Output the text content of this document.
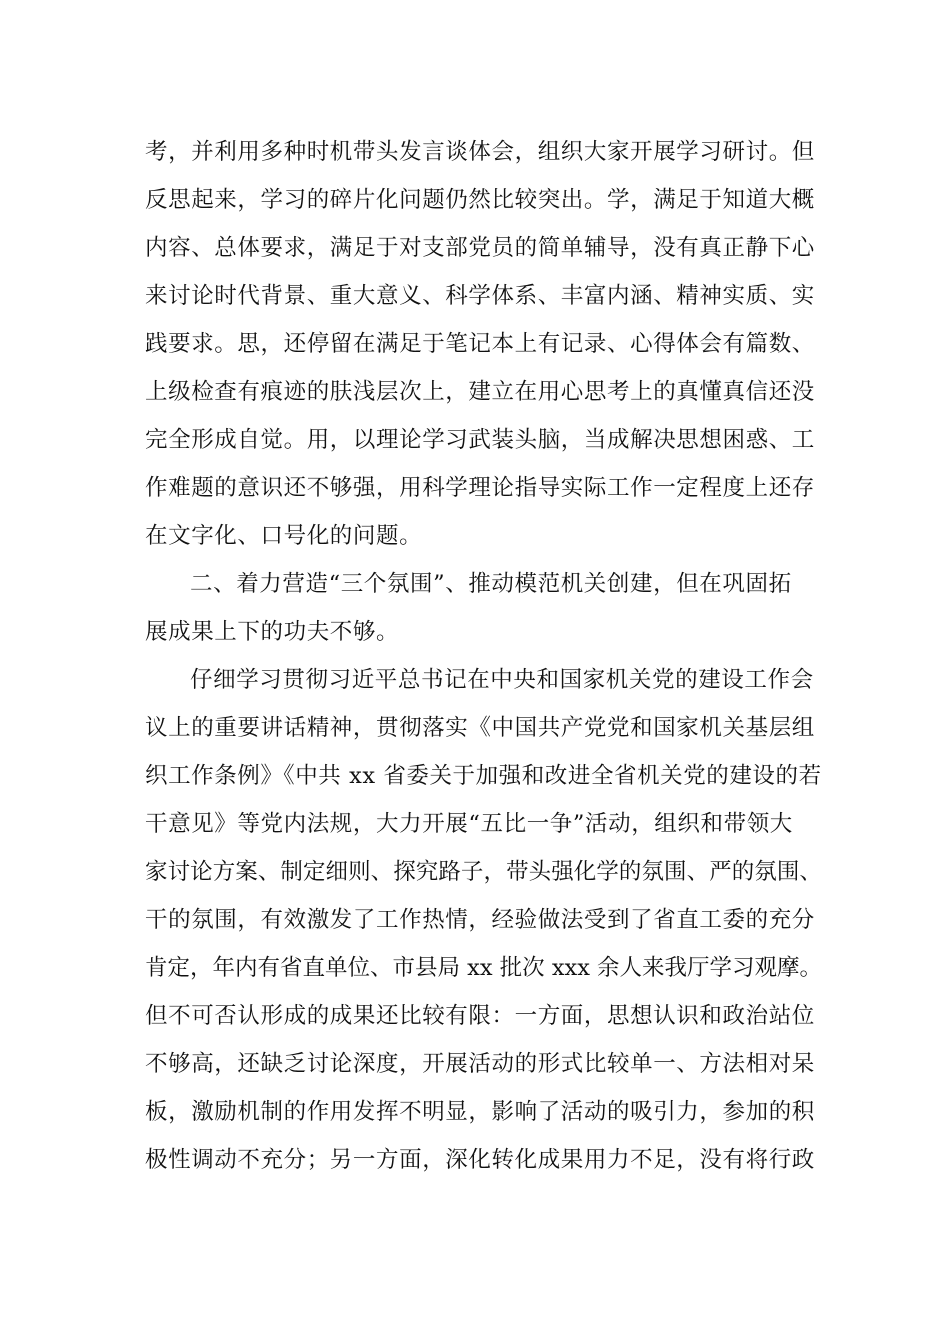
考，并利用多种时机带头发言谈体会，组织大家开展学习研讨。但
反思起来，学习的碎片化问题仍然比较突出。学，满足于知道大概
内容、总体要求，满足于对支部党员的简单辅导，没有真正静下心
来讨论时代背景、重大意义、科学体系、丰富内涵、精神实质、实
践要求。思，还停留在满足于笔记本上有记录、心得体会有篇数、
上级检查有痕迹的肤浅层次上，建立在用心思考上的真懂真信还没
完全形成自觉。用，以理论学习武装头脑，当成解决思想困惑、工
作难题的意识还不够强，用科学理论指导实际工作一定程度上还存
在文字化、口号化的问题。
二、着力营造“三个氛围”、推动模范机关创建，但在巩固拓
展成果上下的功夫不够。
仔细学习贯彻习近平总书记在中央和国家机关党的建设工作会
议上的重要讲话精神，贯彻落实《中国共产党党和国家机关基层组
织工作条例》《中共 xx 省委关于加强和改进全省机关党的建设的若
干意见》等党内法规，大力开展“五比一争”活动，组织和带领大
家讨论方案、制定细则、探究路子，带头强化学的氛围、严的氛围、
干的氛围，有效激发了工作热情，经验做法受到了省直工委的充分
肯定，年内有省直单位、市县局 xx 批次 xxx 余人来我厅学习观摩。
但不可否认形成的成果还比较有限：一方面，思想认识和政治站位
不够高，还缺乏讨论深度，开展活动的形式比较单一、方法相对呆
板，激励机制的作用发挥不明显，影响了活动的吸引力，参加的积
极性调动不充分；另一方面，深化转化成果用力不足，没有将行政
